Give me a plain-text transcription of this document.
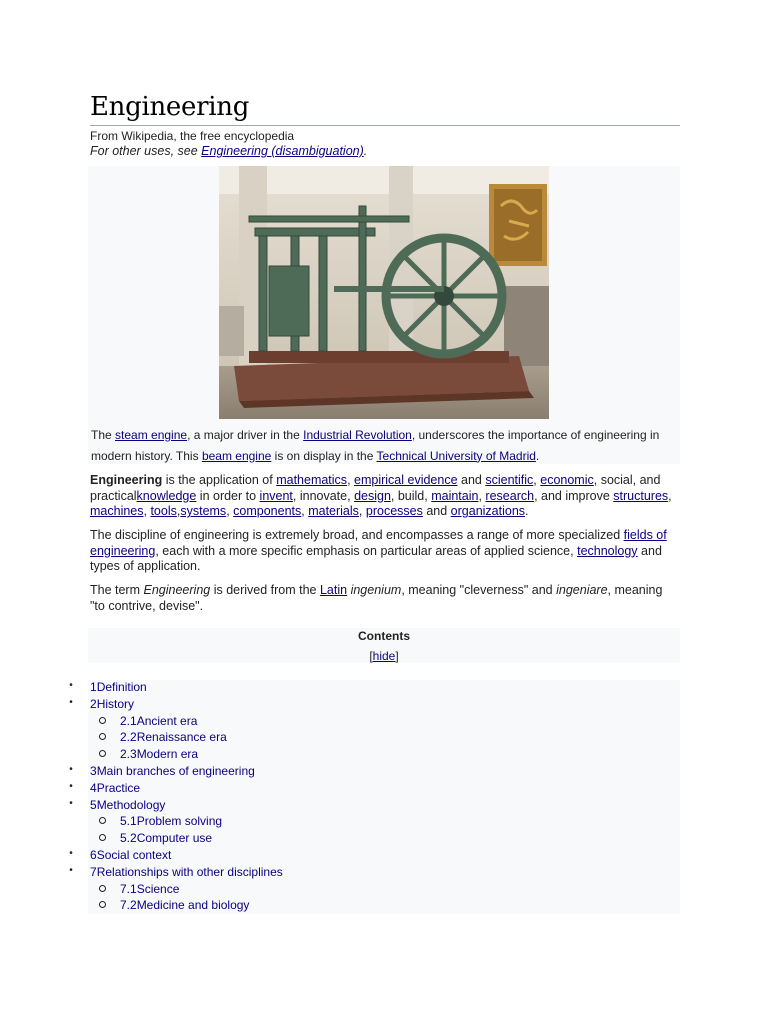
Engineering
From Wikipedia, the free encyclopedia
For other uses, see Engineering (disambiguation).
The steam engine, a major driver in the Industrial Revolution, underscores the importance of engineering in modern history. This beam engine is on display in the Technical University of Madrid.
Engineering is the application of mathematics, empirical evidence and scientific, economic, social, and practicalknowledge in order to invent, innovate, design, build, maintain, research, and improve structures, machines, tools,systems, components, materials, processes and organizations.
The discipline of engineering is extremely broad, and encompasses a range of more specialized fields of engineering, each with a more specific emphasis on particular areas of applied science, technology and types of application.
The term Engineering is derived from the Latin ingenium, meaning "cleverness" and ingeniare, meaning "to contrive, devise".
Contents
[hide]
• 1Definition
• 2History
2.1Ancient era
2.2Renaissance era
2.3Modern era
• 3Main branches of engineering
• 4Practice
• 5Methodology
5.1Problem solving
5.2Computer use
• 6Social context
• 7Relationships with other disciplines
7.1Science
7.2Medicine and biology
